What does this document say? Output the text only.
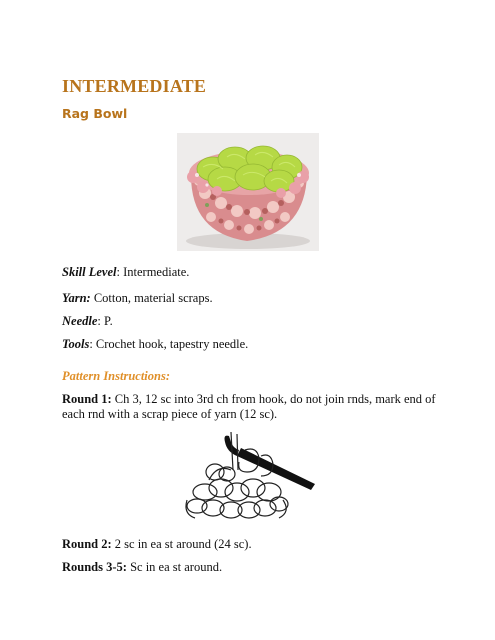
INTERMEDIATE
Rag Bowl

Skill Level: Intermediate.

Yarn: Cotton, material scraps.

Needle: P.

Tools: Crochet hook, tapestry needle.

Pattern Instructions:

Round 1: Ch 3, 12 sc into 3rd ch from hook, do not join rnds, mark end of each rnd with a scrap piece of yarn (12 sc).

Round 2: 2 sc in ea st around (24 sc).

Rounds 3-5: Sc in ea st around.
